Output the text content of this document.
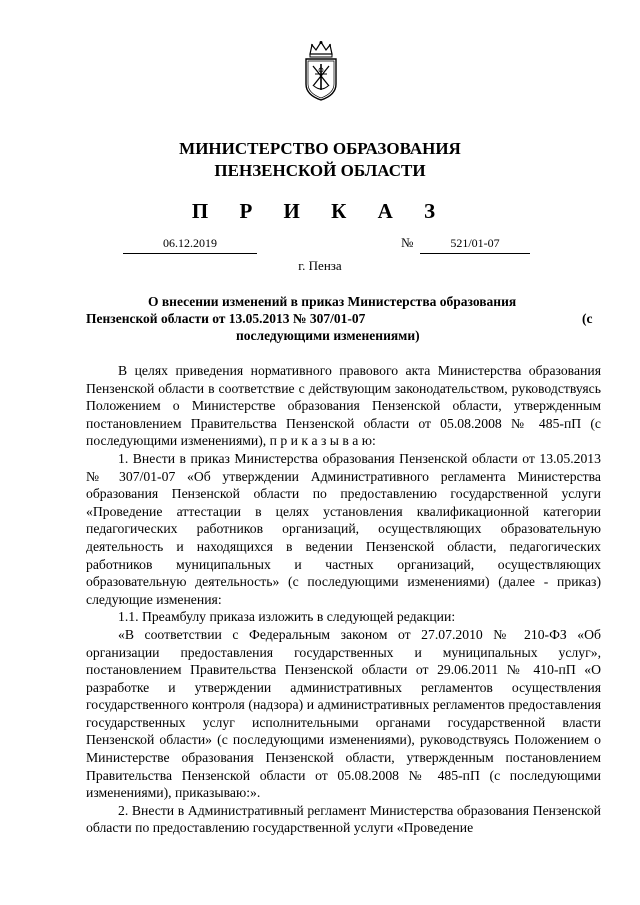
МИНИСТЕРСТВО ОБРАЗОВАНИЯ
ПЕНЗЕНСКОЙ ОБЛАСТИ
П Р И К А З
06.12.2019	№	521/01-07
г. Пенза
О внесении изменений в приказ Министерства образования
Пензенской области от 13.05.2013 № 307/01-07	(с
последующими изменениями)

В целях приведения нормативного правового акта Министерства образования Пензенской области в соответствие с действующим законодательством, руководствуясь Положением о Министерстве образования Пензенской области, утвержденным постановлением Правительства Пензенской области от 05.08.2008 № 485-пП (с последующими изменениями), п р и к а з ы в а ю:

1. Внести в приказ Министерства образования Пензенской области от 13.05.2013 № 307/01-07 «Об утверждении Административного регламента Министерства образования Пензенской области по предоставлению государственной услуги «Проведение аттестации в целях установления квалификационной категории педагогических работников организаций, осуществляющих образовательную деятельность и находящихся в ведении Пензенской области, педагогических работников муниципальных и частных организаций, осуществляющих образовательную деятельность» (с последующими изменениями) (далее - приказ) следующие изменения:

1.1. Преамбулу приказа изложить в следующей редакции:

«В соответствии с Федеральным законом от 27.07.2010 № 210-ФЗ «Об организации предоставления государственных и муниципальных услуг», постановлением Правительства Пензенской области от 29.06.2011 № 410-пП «О разработке и утверждении административных регламентов осуществления государственного контроля (надзора) и административных регламентов предоставления государственных услуг исполнительными органами государственной власти Пензенской области» (с последующими изменениями), руководствуясь Положением о Министерстве образования Пензенской области, утвержденным постановлением Правительства Пензенской области от 05.08.2008 № 485-пП (с последующими изменениями), приказываю:».

2. Внести в Административный регламент Министерства образования Пензенской области по предоставлению государственной услуги «Проведение
